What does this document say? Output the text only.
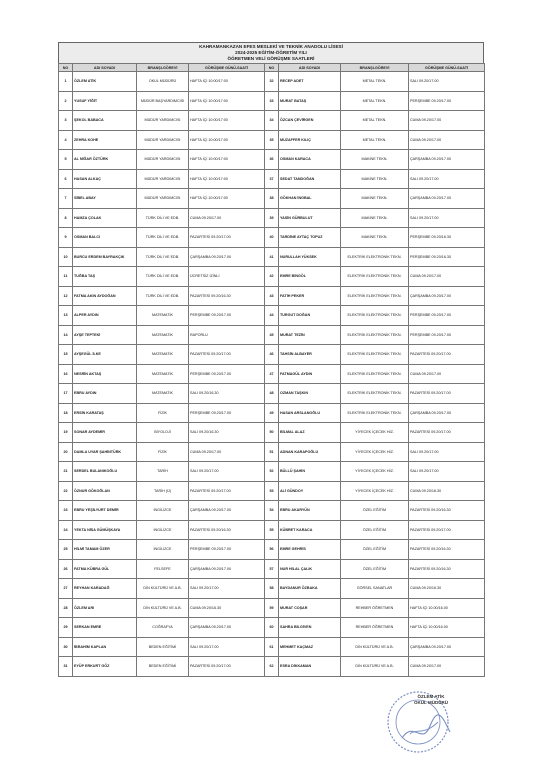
KAHRAMANKAZAN EFES MESLEKİ VE TEKNİK ANADOLU LİSESİ
2024-2025 EĞİTİM-ÖĞRETİM YILI
ÖĞRETMEN VELİ GÖRÜŞME SAATLERİ
NO	ADI SOYADI	BRANŞI-GÖREVİ	GÖRÜŞME GÜNÜ-SAATİ	NO	ADI SOYADI	BRANŞI-GÖREVİ	GÖRÜŞME GÜNÜ-SAATİ
1	ÖZLEM ATİK	OKUL MÜDÜRÜ	HAFTA İÇİ 10:00/17:00	32	RECEP ADET	METAL TEKN.	SALI 09.20/17.00
2	YUSUF YİĞİT	MÜDÜR BAŞYARDIMCISI	HAFTA İÇİ 10:00/17:00	33	MURAT BATAŞ	METAL TEKN.	PERŞEMBE 09.20/17.00
3	ŞEKOL BABACA	MÜDÜR YARDIMCISI	HAFTA İÇİ 10:00/17:00	34	ÖZCAN ÇEVİRGEN	METAL TEKN.	CUMA 09.20/17.00
4	ZEHRA KOHE	MÜDÜR YARDIMCISI	HAFTA İÇİ 10:00/17:00	35	MUZAFFER KILIÇ	METAL TEKN.	CUMA 09.20/17.00
5	AL NİĞAR ÖZTÜRK	MÜDÜR YARDIMCISI	HAFTA İÇİ 10:00/17:00	36	OSMAN KARACA	MAKİNE TEKN.	ÇARŞAMBA 09.20/17.00
6	HASAN ALKAÇ	MÜDÜR YARDIMCISI	HAFTA İÇİ 10:00/17:00	37	SEDAT TANDOĞAN	MAKİNE TEKN.	SALI 09.20/17.00
7	SİBEL ABAY	MÜDÜR YARDIMCISI	HAFTA İÇİ 10:00/17:00	38	GÖKHAN İNGBAL	MAKİNE TEKN.	ÇARŞAMBA 09.20/17.00
8	HAMZA ÇOLAK	TÜRK DİLİ VE EDB.	CUMA 09.20/17.00	39	YASİN GÜRBULUT	MAKİNE TEKN.	SALI 09.20/17.00
9	OSMAN BALCI	TÜRK DİLİ VE EDB.	PAZARTESİ 09.20/17.00	40	TARDİNE AYTAÇ TOPUZ	MAKİNE TEKN.	PERŞEMBE 09.20/16.30
10	BURCU ERDEM BAYRAKÇIK	TÜRK DİLİ VE EDB.	ÇARŞAMBA 09.20/17.00	41	NURULLAH YÜKSEK	ELEKTRİK ELEKTRONİK TEKN.	PERŞEMBE 09.20/16.30
11	TUĞBA TAŞ	TÜRK DİLİ VE EDB.	ÜCRETSİZ İZİNLİ	42	EMRE BİNGÖL	ELEKTRİK ELEKTRONİK TEKN.	CUMA 09.20/17.00
12	FATMA AKIN AYDOĞAN	TÜRK DİLİ VE EDB.	PAZARTESİ 09.20/16.30	43	FATİH PEKER	ELEKTRİK ELEKTRONİK TEKN.	ÇARŞAMBA 09.20/17.00
13	ALPER AYDIN	MATEMATİK	PERŞEMBE 09.20/17.00	44	TURGUT DOĞAN	ELEKTRİK ELEKTRONİK TEKN.	PERŞEMBE 09.20/17.00
14	AYŞE TEPTEKİ	MATEMATİK	RAPORLU	45	MURAT TEZİN	ELEKTRİK ELEKTRONİK TEKN.	PERŞEMBE 09.20/17.00
15	AYŞEGÜL İLKE	MATEMATİK	PAZARTESİ 09.20/17.00	46	TAHSİN ALBAYER	ELEKTRİK ELEKTRONİK TEKN.	PAZARTESİ 09.20/17.00
16	NESRİN AKTAŞ	MATEMATİK	PERŞEMBE 09.20/17.00	47	FATMAGÜL AYDIN	ELEKTRİK ELEKTRONİK TEKN.	CUMA 09.20/17.00
17	EBRU AYDIN	MATEMATİK	SALI 09.20/16.30	48	OZMAN TAŞKIN	ELEKTRİK ELEKTRONİK TEKN.	PAZARTESİ 09.20/17.00
18	ERSİN KARATAŞ	FİZİK	PERŞEMBE 09.20/17.00	49	HASAN ARSLANOĞLU	ELEKTRİK ELEKTRONİK TEKN.	ÇARŞAMBA 09.20/17.00
19	SONAR AYDEMİR	BİYOLOJİ	SALI 09.20/16.30	50	BİLMAL ALAZ	YİYECEK İÇECEK HİZ.	PAZARTESİ 09.20/17.00
20	DAMLA UYAR ŞAHİNTÜRK	FİZİK	CUMA 09.20/17.00	51	ADNAN KARAPOĞLU	YİYECEK İÇECEK HİZ.	SALI 09.20/17.00
21	SERDEL BULANIKOĞLU	TARİH	SALI 09.20/17.00	52	BÜLLÜ ŞAHİN	YİYECEK İÇECEK HİZ.	SALI 09.20/17.00
22	ÖZNUR GÖKOĞLAN	TARİH (Ü)	PAZARTESİ 09.20/17.00	53	ALİ GÜNDOY	YİYECEK İÇECEK HİZ.	CUMA 09.20/16.30
23	EBRU YEŞİLYURT DEMİR	İNGİLİZCE	ÇARŞAMBA 09.20/17.00	54	EBRU AKARYÜN	ÖZEL EĞİTİM	PAZARTESİ 09.20/16.30
24	YEKTA NİSA GÜMÜŞKAYA	İNGİLİZCE	PAZARTESİ 09.20/16.30	55	KÜBRET KARACA	ÖZEL EĞİTİM	PAZARTESİ 09.20/17.00
25	HİLMİ TAMAM ÖZER	İNGİLİZCE	PERŞEMBE 09.20/17.00	56	EMRE GEHRİS	ÖZEL EĞİTİM	PAZARTESİ 09.20/16.30
26	FATMA KÜBRA GÜL	FELSEFE	ÇARŞAMBA 09.20/17.00	57	NUR HİLAL ÇALIK	ÖZEL EĞİTİM	PAZARTESİ 09.20/16.30
27	REYHAN KARADAĞ	DİN KÜLTÜRÜ VE A.B.	SALI 09.20/17.00	58	BAYDANUR ÖZBAKA	GÖRSEL SANATLAR	CUMA 09.20/16.30
28	ÖZLEM ARI	DİN KÜLTÜRÜ VE A.B.	CUMA 09.20/16.30	59	MURAT COŞAR	REHBER ÖĞRETMEN	HAFTA İÇİ 10.00/16.00
29	SERKAN EMRE	COĞRAFYA	ÇARŞAMBA 09.20/17.00	60	SAHRA BİLGİVEN	REHBER ÖĞRETMEN	HAFTA İÇİ 10.00/16.00
30	İBRAHİM KAPLAN	BEDEN EĞİTİMİ	SALI 09.20/17.00	61	MEHMET KAÇMAZ	DİN KÜLTÜRÜ VE A.B.	ÇARŞAMBA 09.20/17.00
31	EYÜP ERKURT GÖZ	BEDEN EĞİTİMİ	PAZARTESİ 09.20/17.00	62	ESRA DİKKAMAN	DİN KÜLTÜRÜ VE A.B.	CUMA 09.20/17.00
ÖZLEM ATİK
OKUL MÜDÜRÜ
